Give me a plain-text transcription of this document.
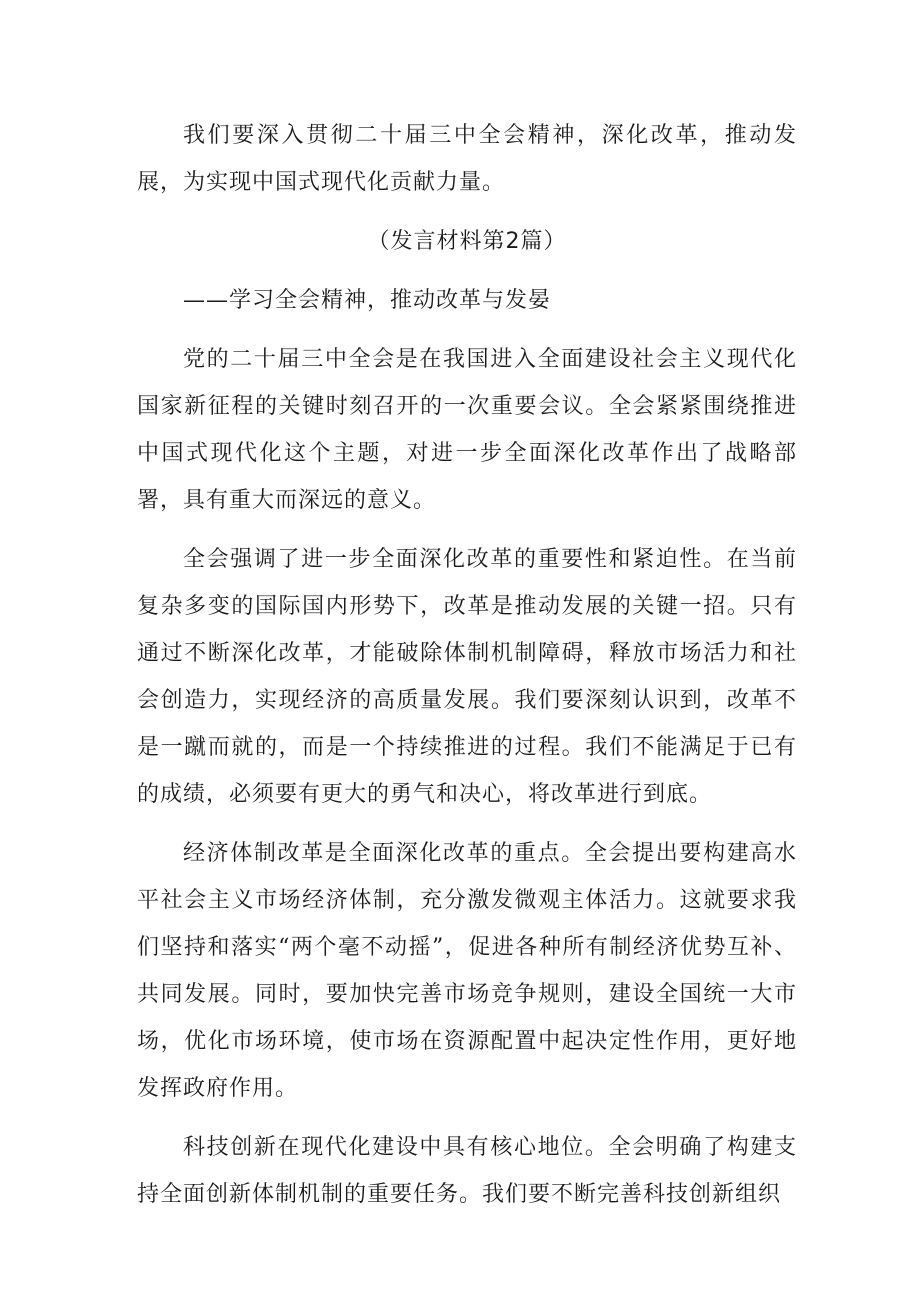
我们要深入贯彻二十届三中全会精神，深化改革，推动发展，为实现中国式现代化贡献力量。

（发言材料第2篇）

——学习全会精神，推动改革与发晏

党的二十届三中全会是在我国进入全面建设社会主义现代化国家新征程的关键时刻召开的一次重要会议。全会紧紧围绕推进中国式现代化这个主题，对进一步全面深化改革作出了战略部署，具有重大而深远的意义。

全会强调了进一步全面深化改革的重要性和紧迫性。在当前复杂多变的国际国内形势下，改革是推动发展的关键一招。只有通过不断深化改革，才能破除体制机制障碍，释放市场活力和社会创造力，实现经济的高质量发展。我们要深刻认识到，改革不是一蹴而就的，而是一个持续推进的过程。我们不能满足于已有的成绩，必须要有更大的勇气和决心，将改革进行到底。

经济体制改革是全面深化改革的重点。全会提出要构建高水平社会主义市场经济体制，充分激发微观主体活力。这就要求我们坚持和落实“两个毫不动摇”，促进各种所有制经济优势互补、共同发展。同时，要加快完善市场竞争规则，建设全国统一大市场，优化市场环境，使市场在资源配置中起决定性作用，更好地发挥政府作用。

科技创新在现代化建设中具有核心地位。全会明确了构建支持全面创新体制机制的重要任务。我们要不断完善科技创新组织
